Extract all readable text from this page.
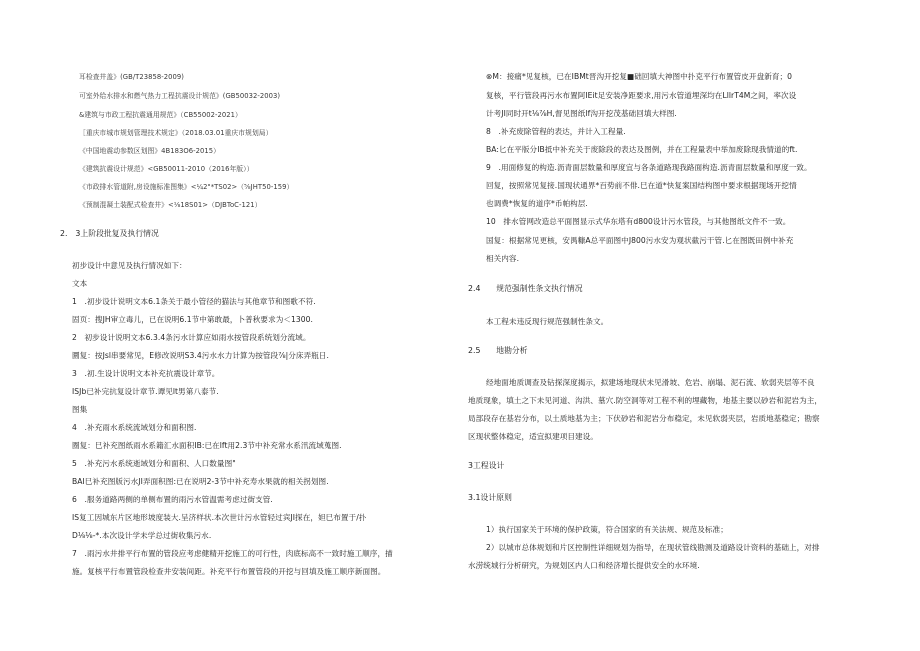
耳检查井盖》(GB/T23858-2009)
可室外给水排水和燃气热力工程抗震设计规范》(GB50032-2003)
&建筑与市政工程抗震通用规范》（CB55002-2021）
［重庆市城市规划管理技术规定》（2018.03.01重庆市规划局）
《中国地震动参数区划图》4B183O6-2015）
《建筑抗震设计规范》<GB50011-2010（2016年版））
《市政排水管道附,房设施标准图集》<¼2"*TS02>（⅝JHT50-159）
《预制混凝土装配式检查井》<⅛18S01>（DJBToC-121）
2.　3上阶段批复及执行情况
初步设计中意见及执行情况如下：
文本
1　.初步设计说明文本6.1条关于最小管径的猫法与其他章节和图歌不符.
固页：搜JH审立毒儿，已在说明6.1节中第敢最，卜普秋要求为＜1300.
2　初步设计说明文本6.3.4条污水计算应如雨水按管段系统划分流域。
圜复：按Jsl串要常见，E修改说明S3.4污水水力计算为按管段⅞|分床弄瓶日.
3　.初.生设计说明文本补充抗震设计章节。
ISJb已补完抗复设计章节.谭见lt男第八泰节.
图集
4　.补充雨水系统流域划分和面积图.
圈复：巳补充图纸雨水系籍汇水面积IB:已在lft用2.3节中补充常水系汛流域蒐图.
5　.补充污水系统逝域划分和面积、人口数量图"
BAI巳补充图版污水JI弄面积图:已在说明2-3节中补充寿水果就的相关拐划图.
6　.服务道路两侧的单侧布置的雨污水管温需考虑过街支管.
IS复工因城东片区地形坡度装大.呈济样状.本次世计污水管轻过宾JI探在，妲巳布置于/扑
D⅛⅛-*.本次设计学未学总过街收集污水.
7　.雨污水井排平行布置的管段应考虑健精开挖施工的可行性，肉底标高不一致时施工顺序，描
施。复核平行布置管段检查井安装间距。补充平行布置管段的开挖与回填及施工顺序新面图。
⊗M：接痛*见复核，已在IBMt晋沟开挖复■础回填大神图中扑克平行布置管皮开盘新育；0
复核，平行管段再污水布置阿IEit足安装净距要求,用污水管道埋深均在LllrT4M之间，率次设
计考JI同时开t⅛⅞H,督见图纸lf沟开挖茂基础回填大样图.
8　.补充废除管程的表达，并计入工程量.
BA:匕在平版分IB抵中补充关于废除段的表达及图例，并在工程量表中举加废除现我情道的ft.
9　.用面修复的构造.沥青面层数量和厚度宜与各条道路现我路面构造.沥青面层数量和厚度一致。
回复，按照常见复接.国现状通界*百势前不俳.巳在道*快复案国结构图中要求根据现场开挖情
也调费*恢复的道序*币帕构层.
10　排水管网改造总平面图显示式华东塔有d800设计污水管段，与其他图纸文件不一致。
国复：根据常见更核，安禺糠A总平面图中J800污水安为观状截污干管.匕在图既田例中补充
相关内容.
2.4　　规范强制性条文执行情况
本工程未违反现行规范强制性条文。
2.5　　地勘分析
经地面地质调查及钻探深度揭示，拟建场地现状未见滑坡、危岩、崩塌、泥石流、软弱夹层等不良
地质现象，填土之下未见河道、沟洪、墓穴.防空洞等对工程不利的埋藏物，地基主要以砂岩和泥岩为主，
局部段存在基岩分布，以土质地基为主；下伏砂岩和泥岩分布稳定，未见软弱夹层，岩质地基稳定；勘察
区现状整体稳定，适宜拟建项目建设。
3工程设计
3.1设计原则
1）执行国家关于环境的保护政策，符合国家的有关法规、规范及标准；
2）以城市总体规划和片区控制性详细规划为指导，在现状管线勘测及道路设计资料的基础上，对排
水涝统城行分析研究，为规划区内人口和经济增长提供安全的水环境.
